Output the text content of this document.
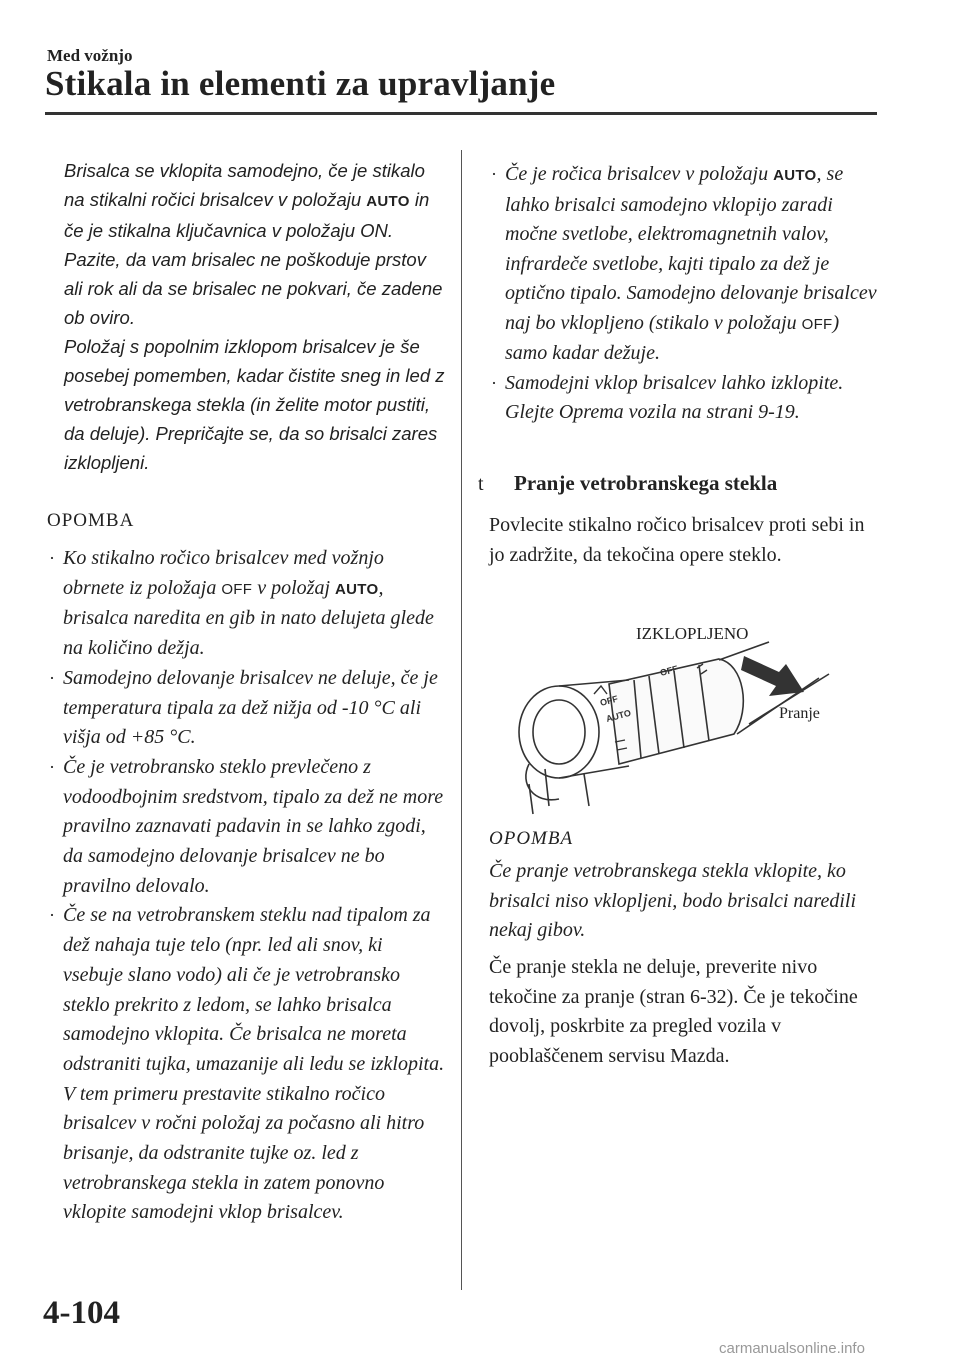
Med vožnjo
Stikala in elementi za upravljanje

Brisalca se vklopita samodejno, če je stikalo na stikalni ročici brisalcev v položaju AUTO in če je stikalna ključavnica v položaju ON. Pazite, da vam brisalec ne poškoduje prstov ali rok ali da se brisalec ne pokvari, če zadene ob oviro.

Položaj s popolnim izklopom brisalcev je še posebej pomemben, kadar čistite sneg in led z vetrobranskega stekla (in želite motor pustiti, da deluje). Prepričajte se, da so brisalci zares izklopljeni.

OPOMBA
· Ko stikalno ročico brisalcev med vožnjo obrnete iz položaja OFF v položaj AUTO, brisalca naredita en gib in nato delujeta glede na količino dežja.
· Samodejno delovanje brisalcev ne deluje, če je temperatura tipala za dež nižja od -10 °C ali višja od +85 °C.
· Če je vetrobransko steklo prevlečeno z vodoodbojnim sredstvom, tipalo za dež ne more pravilno zaznavati padavin in se lahko zgodi, da samodejno delovanje brisalcev ne bo pravilno delovalo.
· Če se na vetrobranskem steklu nad tipalom za dež nahaja tuje telo (npr. led ali snov, ki vsebuje slano vodo) ali če je vetrobransko steklo prekrito z ledom, se lahko brisalca samodejno vklopita. Če brisalca ne moreta odstraniti tujka, umazanije ali ledu se izklopita. V tem primeru prestavite stikalno ročico brisalcev v ročni položaj za počasno ali hitro brisanje, da odstranite tujke oz. led z vetrobranskega stekla in zatem ponovno vklopite samodejni vklop brisalcev.
· Če je ročica brisalcev v položaju AUTO, se lahko brisalci samodejno vklopijo zaradi močne svetlobe, elektromagnetnih valov, infrardeče svetlobe, kajti tipalo za dež je optično tipalo. Samodejno delovanje brisalcev naj bo vklopljeno (stikalo v položaju OFF) samo kadar dežuje.
· Samodejni vklop brisalcev lahko izklopite.
Glejte Oprema vozila na strani 9-19.
t Pranje vetrobranskega stekla
Povlecite stikalno ročico brisalcev proti sebi in jo zadržite, da tekočina opere steklo.
OFF
AUTO
OFF
IZKLOPLJENO
Pranje
OPOMBA
Če pranje vetrobranskega stekla vklopite, ko brisalci niso vklopljeni, bodo brisalci naredili nekaj gibov.
Če pranje stekla ne deluje, preverite nivo tekočine za pranje (stran 6-32). Če je tekočine dovolj, poskrbite za pregled vozila v pooblaščenem servisu Mazda.
4-104
carmanualsonline.info
